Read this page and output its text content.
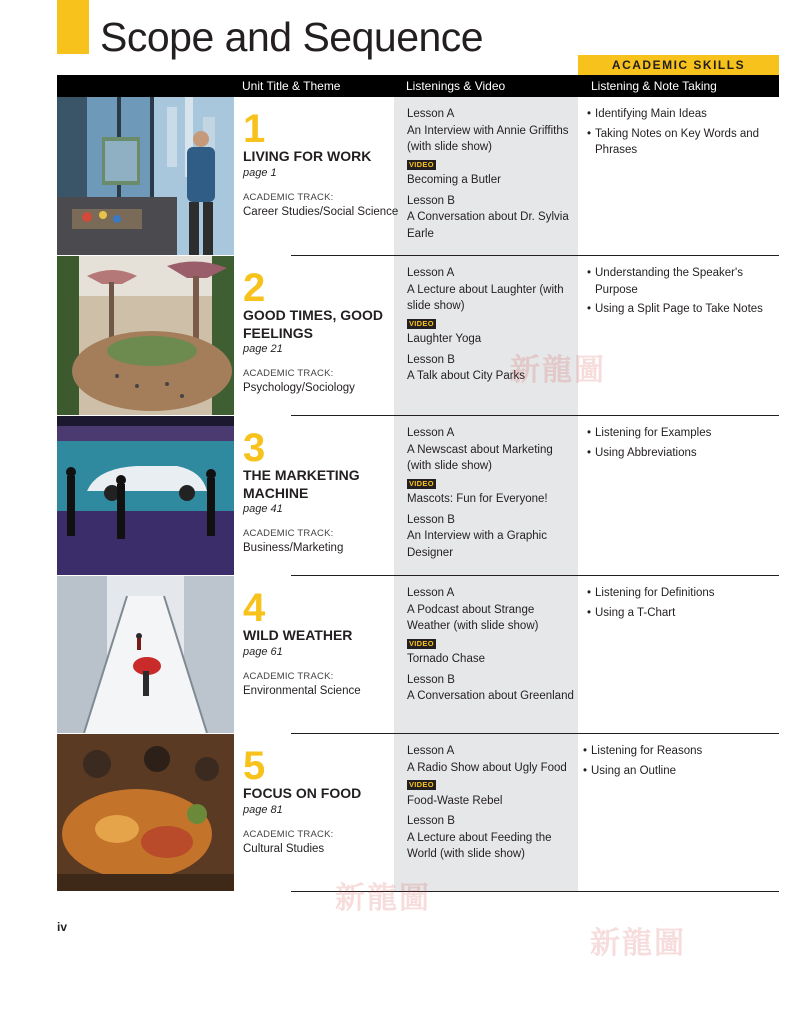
Scope and Sequence
ACADEMIC SKILLS
Unit Title & Theme	Listenings & Video	Listening & Note Taking
1
LIVING FOR WORK
page 1
ACADEMIC TRACK:
Career Studies/Social Science
Lesson A
An Interview with Annie Griffiths (with slide show)
VIDEO
Becoming a Butler
Lesson B
A Conversation about Dr. Sylvia Earle
• Identifying Main Ideas
• Taking Notes on Key Words and Phrases
2
GOOD TIMES, GOOD FEELINGS
page 21
ACADEMIC TRACK:
Psychology/Sociology
Lesson A
A Lecture about Laughter (with slide show)
VIDEO
Laughter Yoga
Lesson B
A Talk about City Parks
• Understanding the Speaker's Purpose
• Using a Split Page to Take Notes
3
THE MARKETING MACHINE
page 41
ACADEMIC TRACK:
Business/Marketing
Lesson A
A Newscast about Marketing (with slide show)
VIDEO
Mascots: Fun for Everyone!
Lesson B
An Interview with a Graphic Designer
• Listening for Examples
• Using Abbreviations
4
WILD WEATHER
page 61
ACADEMIC TRACK:
Environmental Science
Lesson A
A Podcast about Strange Weather (with slide show)
VIDEO
Tornado Chase
Lesson B
A Conversation about Greenland
• Listening for Definitions
• Using a T-Chart
5
FOCUS ON FOOD
page 81
ACADEMIC TRACK:
Cultural Studies
Lesson A
A Radio Show about Ugly Food
VIDEO
Food-Waste Rebel
Lesson B
A Lecture about Feeding the World (with slide show)
• Listening for Reasons
• Using an Outline
iv
新龍圖
新龍圖
新龍圖
